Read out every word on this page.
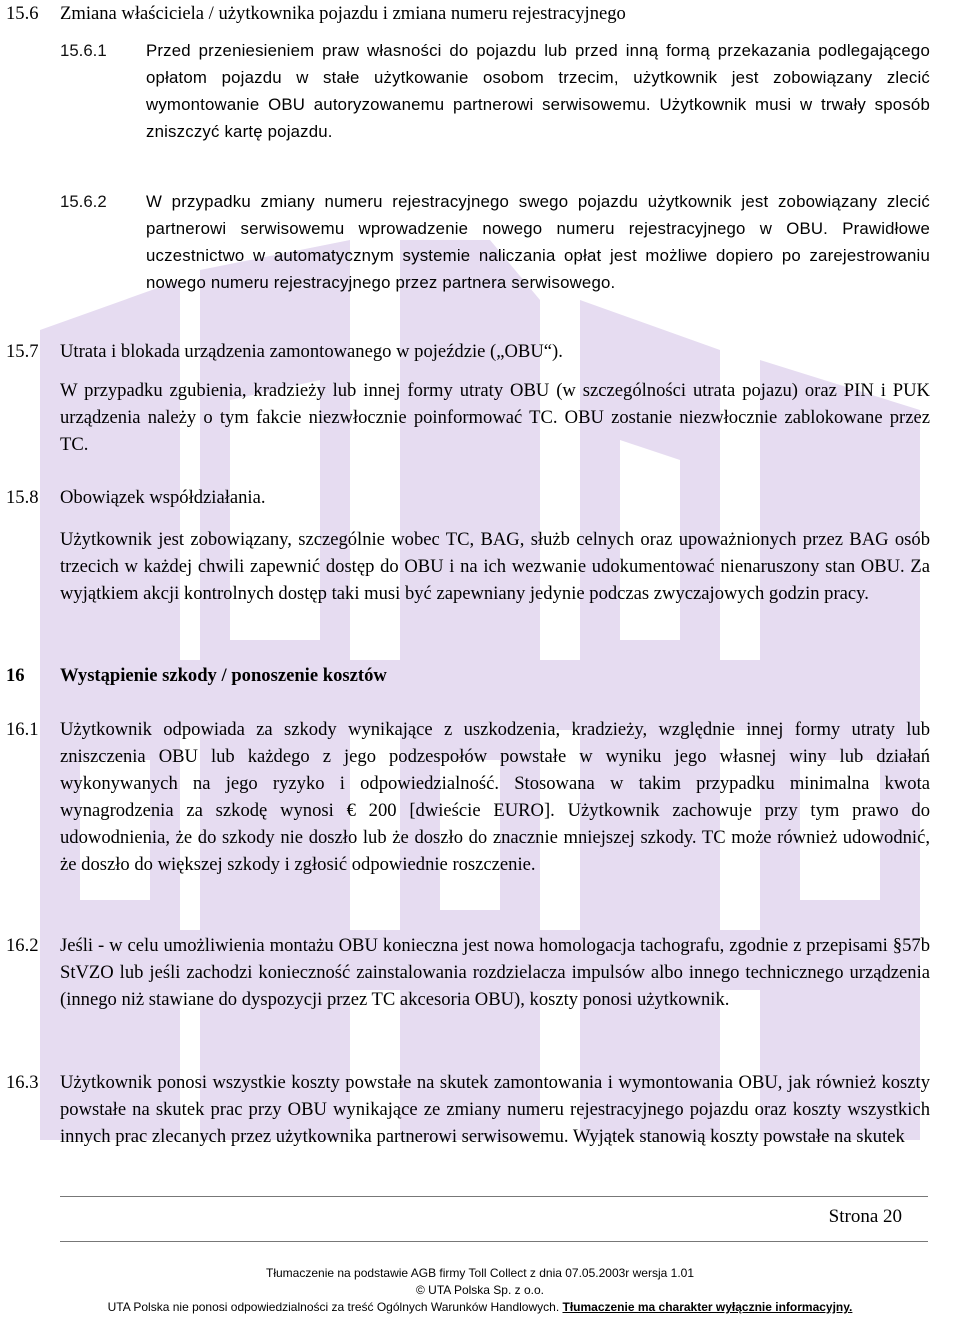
15.6 Zmiana właściciela / użytkownika pojazdu i zmiana numeru rejestracyjnego
15.6.1 Przed przeniesieniem praw własności do pojazdu lub przed inną formą przekazania podlegającego opłatom pojazdu w stałe użytkowanie osobom trzecim, użytkownik jest zobowiązany zlecić wymontowanie OBU autoryzowanemu partnerowi serwisowemu. Użytkownik musi w trwały sposób zniszczyć kartę pojazdu.
15.6.2 W przypadku zmiany numeru rejestracyjnego swego pojazdu użytkownik jest zobowiązany zlecić partnerowi serwisowemu wprowadzenie nowego numeru rejestracyjnego w OBU. Prawidłowe uczestnictwo w automatycznym systemie naliczania opłat jest możliwe dopiero po zarejestrowaniu nowego numeru rejestracyjnego przez partnera serwisowego.
15.7 Utrata i blokada urządzenia zamontowanego w pojeździe („OBU“).
W przypadku zgubienia, kradzieży lub innej formy utraty OBU (w szczególności utrata pojazu) oraz PIN i PUK urządzenia należy o tym fakcie niezwłocznie poinformować TC. OBU zostanie niezwłocznie zablokowane przez TC.
15.8 Obowiązek współdziałania.
Użytkownik jest zobowiązany, szczególnie wobec TC, BAG, służb celnych oraz upoważnionych przez BAG osób trzecich w każdej chwili zapewnić dostęp do OBU i na ich wezwanie udokumentować nienaruszony stan OBU. Za wyjątkiem akcji kontrolnych dostęp taki musi być zapewniany jedynie podczas zwyczajowych godzin pracy.
16 Wystąpienie szkody / ponoszenie kosztów
16.1 Użytkownik odpowiada za szkody wynikające z uszkodzenia, kradzieży, względnie innej formy utraty lub zniszczenia OBU lub każdego z jego podzespołów powstałe w wyniku jego własnej winy lub działań wykonywanych na jego ryzyko i odpowiedzialność. Stosowana w takim przypadku minimalna kwota wynagrodzenia za szkodę wynosi € 200 [dwieście EURO]. Użytkownik zachowuje przy tym prawo do udowodnienia, że do szkody nie doszło lub że doszło do znacznie mniejszej szkody. TC może również udowodnić, że doszło do większej szkody i zgłosić odpowiednie roszczenie.
16.2 Jeśli - w celu umożliwienia montażu OBU konieczna jest nowa homologacja tachografu, zgodnie z przepisami §57b StVZO lub jeśli zachodzi konieczność zainstalowania rozdzielacza impulsów albo innego technicznego urządzenia (innego niż stawiane do dyspozycji przez TC akcesoria OBU), koszty ponosi użytkownik.
16.3 Użytkownik ponosi wszystkie koszty powstałe na skutek zamontowania i wymontowania OBU, jak również koszty powstałe na skutek prac przy OBU wynikające ze zmiany numeru rejestracyjnego pojazdu oraz koszty wszystkich innych prac zlecanych przez użytkownika partnerowi serwisowemu. Wyjątek stanowią koszty powstałe na skutek
Strona 20
Tłumaczenie na podstawie AGB firmy Toll Collect z dnia 07.05.2003r wersja 1.01
© UTA Polska Sp. z o.o.
UTA Polska nie ponosi odpowiedzialności za treść Ogólnych Warunków Handlowych. Tłumaczenie ma charakter wyłącznie informacyjny.
